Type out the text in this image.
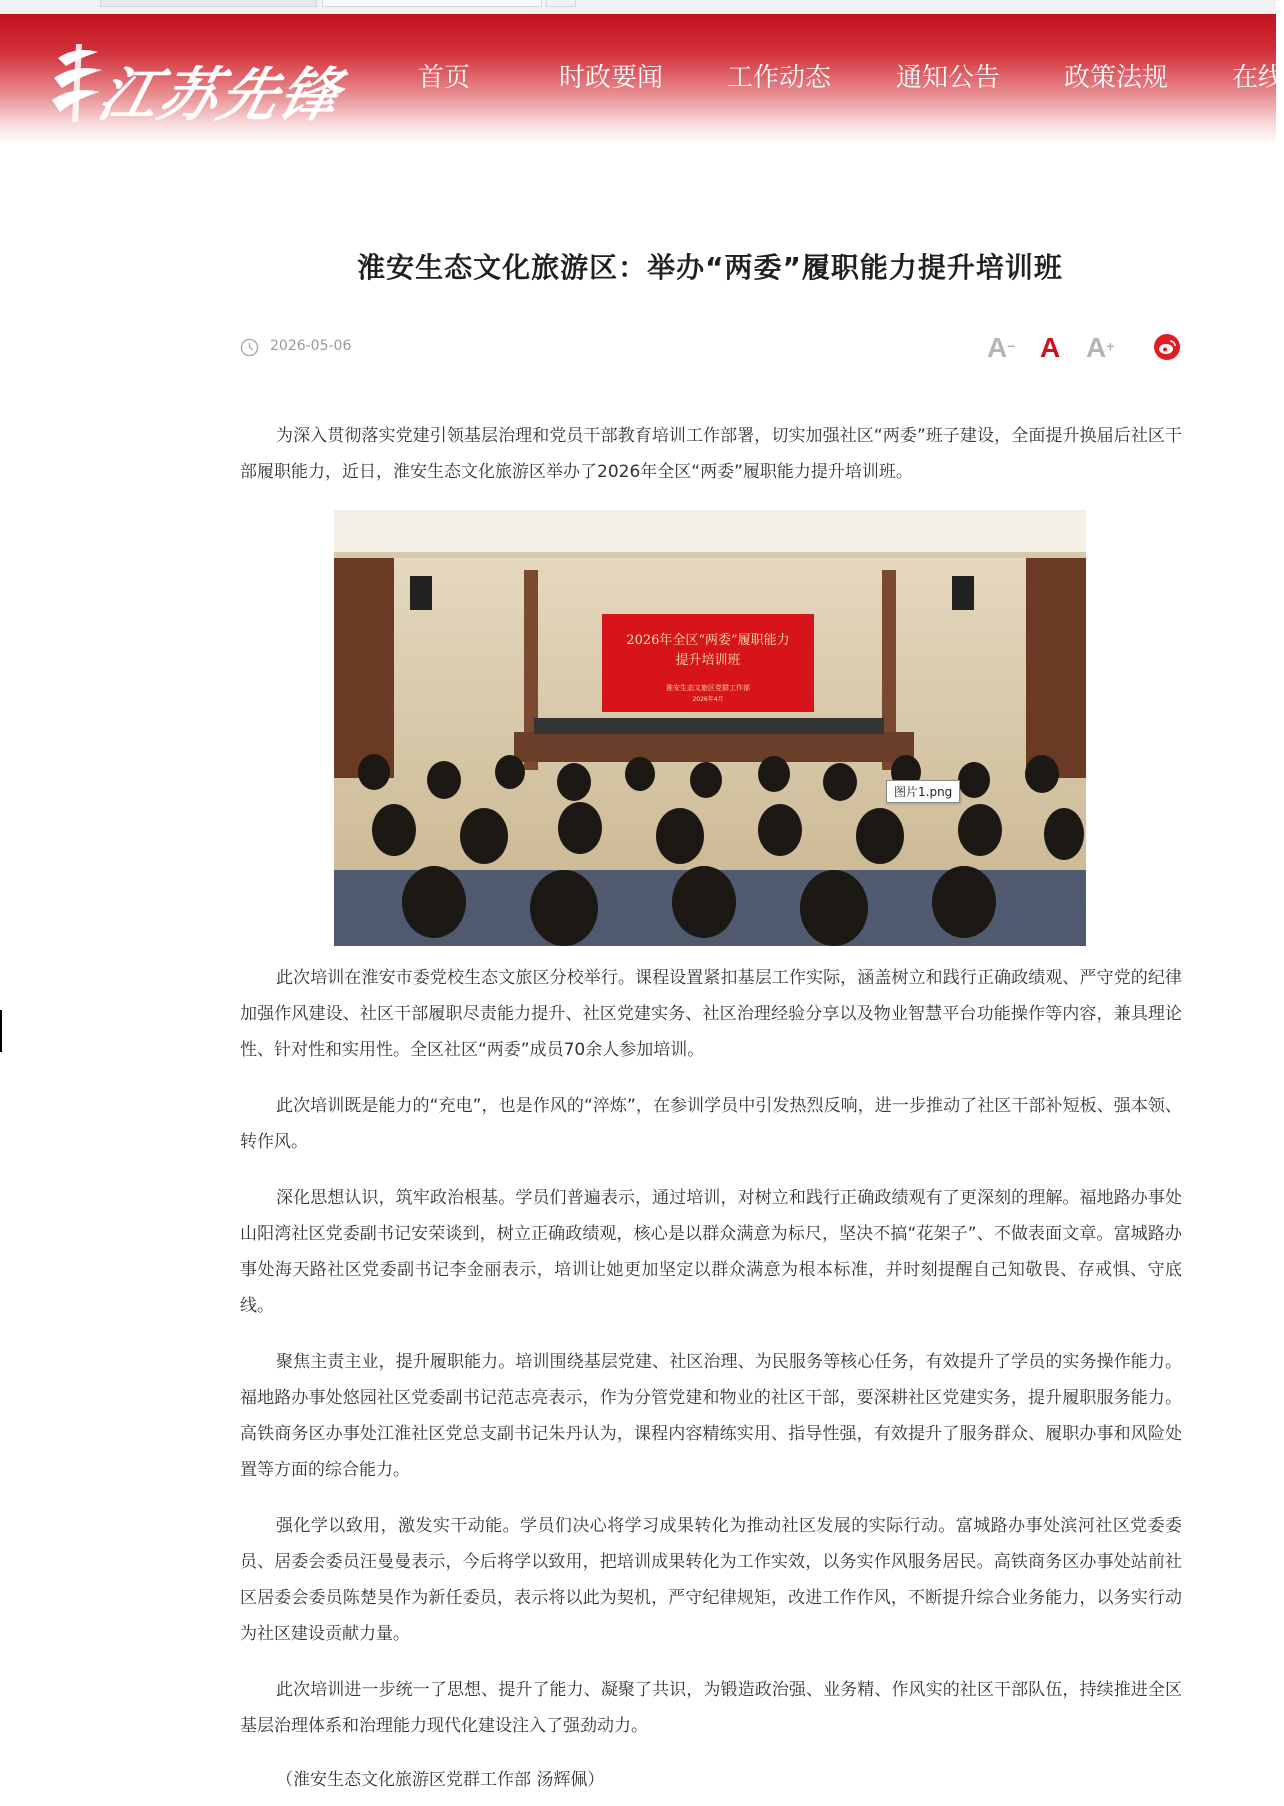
江苏先锋	首页	时政要闻 工作动态 通知公告 政策法规 在线
淮安生态文化旅游区：举办“两委”履职能力提升培训班
2026-05-06	A− A A+

为深入贯彻落实党建引领基层治理和党员干部教育培训工作部署，切实加强社区“两委”班子建设，全面提升换届后社区干部履职能力，近日，淮安生态文化旅游区举办了2026年全区“两委”履职能力提升培训班。

2026年全区“两委”履职能力
提升培训班
淮安生态文旅区党群工作部
2026年4月
图片1.png

此次培训在淮安市委党校生态文旅区分校举行。课程设置紧扣基层工作实际，涵盖树立和践行正确政绩观、严守党的纪律加强作风建设、社区干部履职尽责能力提升、社区党建实务、社区治理经验分享以及物业智慧平台功能操作等内容，兼具理论性、针对性和实用性。全区社区“两委”成员70余人参加培训。

此次培训既是能力的“充电”，也是作风的“淬炼”，在参训学员中引发热烈反响，进一步推动了社区干部补短板、强本领、转作风。

深化思想认识，筑牢政治根基。学员们普遍表示，通过培训，对树立和践行正确政绩观有了更深刻的理解。福地路办事处山阳湾社区党委副书记安荣谈到，树立正确政绩观，核心是以群众满意为标尺，坚决不搞“花架子”、不做表面文章。富城路办事处海天路社区党委副书记李金丽表示，培训让她更加坚定以群众满意为根本标准，并时刻提醒自己知敬畏、存戒惧、守底线。

聚焦主责主业，提升履职能力。培训围绕基层党建、社区治理、为民服务等核心任务，有效提升了学员的实务操作能力。福地路办事处悠园社区党委副书记范志亮表示，作为分管党建和物业的社区干部，要深耕社区党建实务，提升履职服务能力。高铁商务区办事处江淮社区党总支副书记朱丹认为，课程内容精练实用、指导性强，有效提升了服务群众、履职办事和风险处置等方面的综合能力。

强化学以致用，激发实干动能。学员们决心将学习成果转化为推动社区发展的实际行动。富城路办事处滨河社区党委委员、居委会委员汪曼曼表示，今后将学以致用，把培训成果转化为工作实效，以务实作风服务居民。高铁商务区办事处站前社区居委会委员陈楚昊作为新任委员，表示将以此为契机，严守纪律规矩，改进工作作风，不断提升综合业务能力，以务实行动为社区建设贡献力量。

此次培训进一步统一了思想、提升了能力、凝聚了共识，为锻造政治强、业务精、作风实的社区干部队伍，持续推进全区基层治理体系和治理能力现代化建设注入了强劲动力。

（淮安生态文化旅游区党群工作部 汤辉佩）
